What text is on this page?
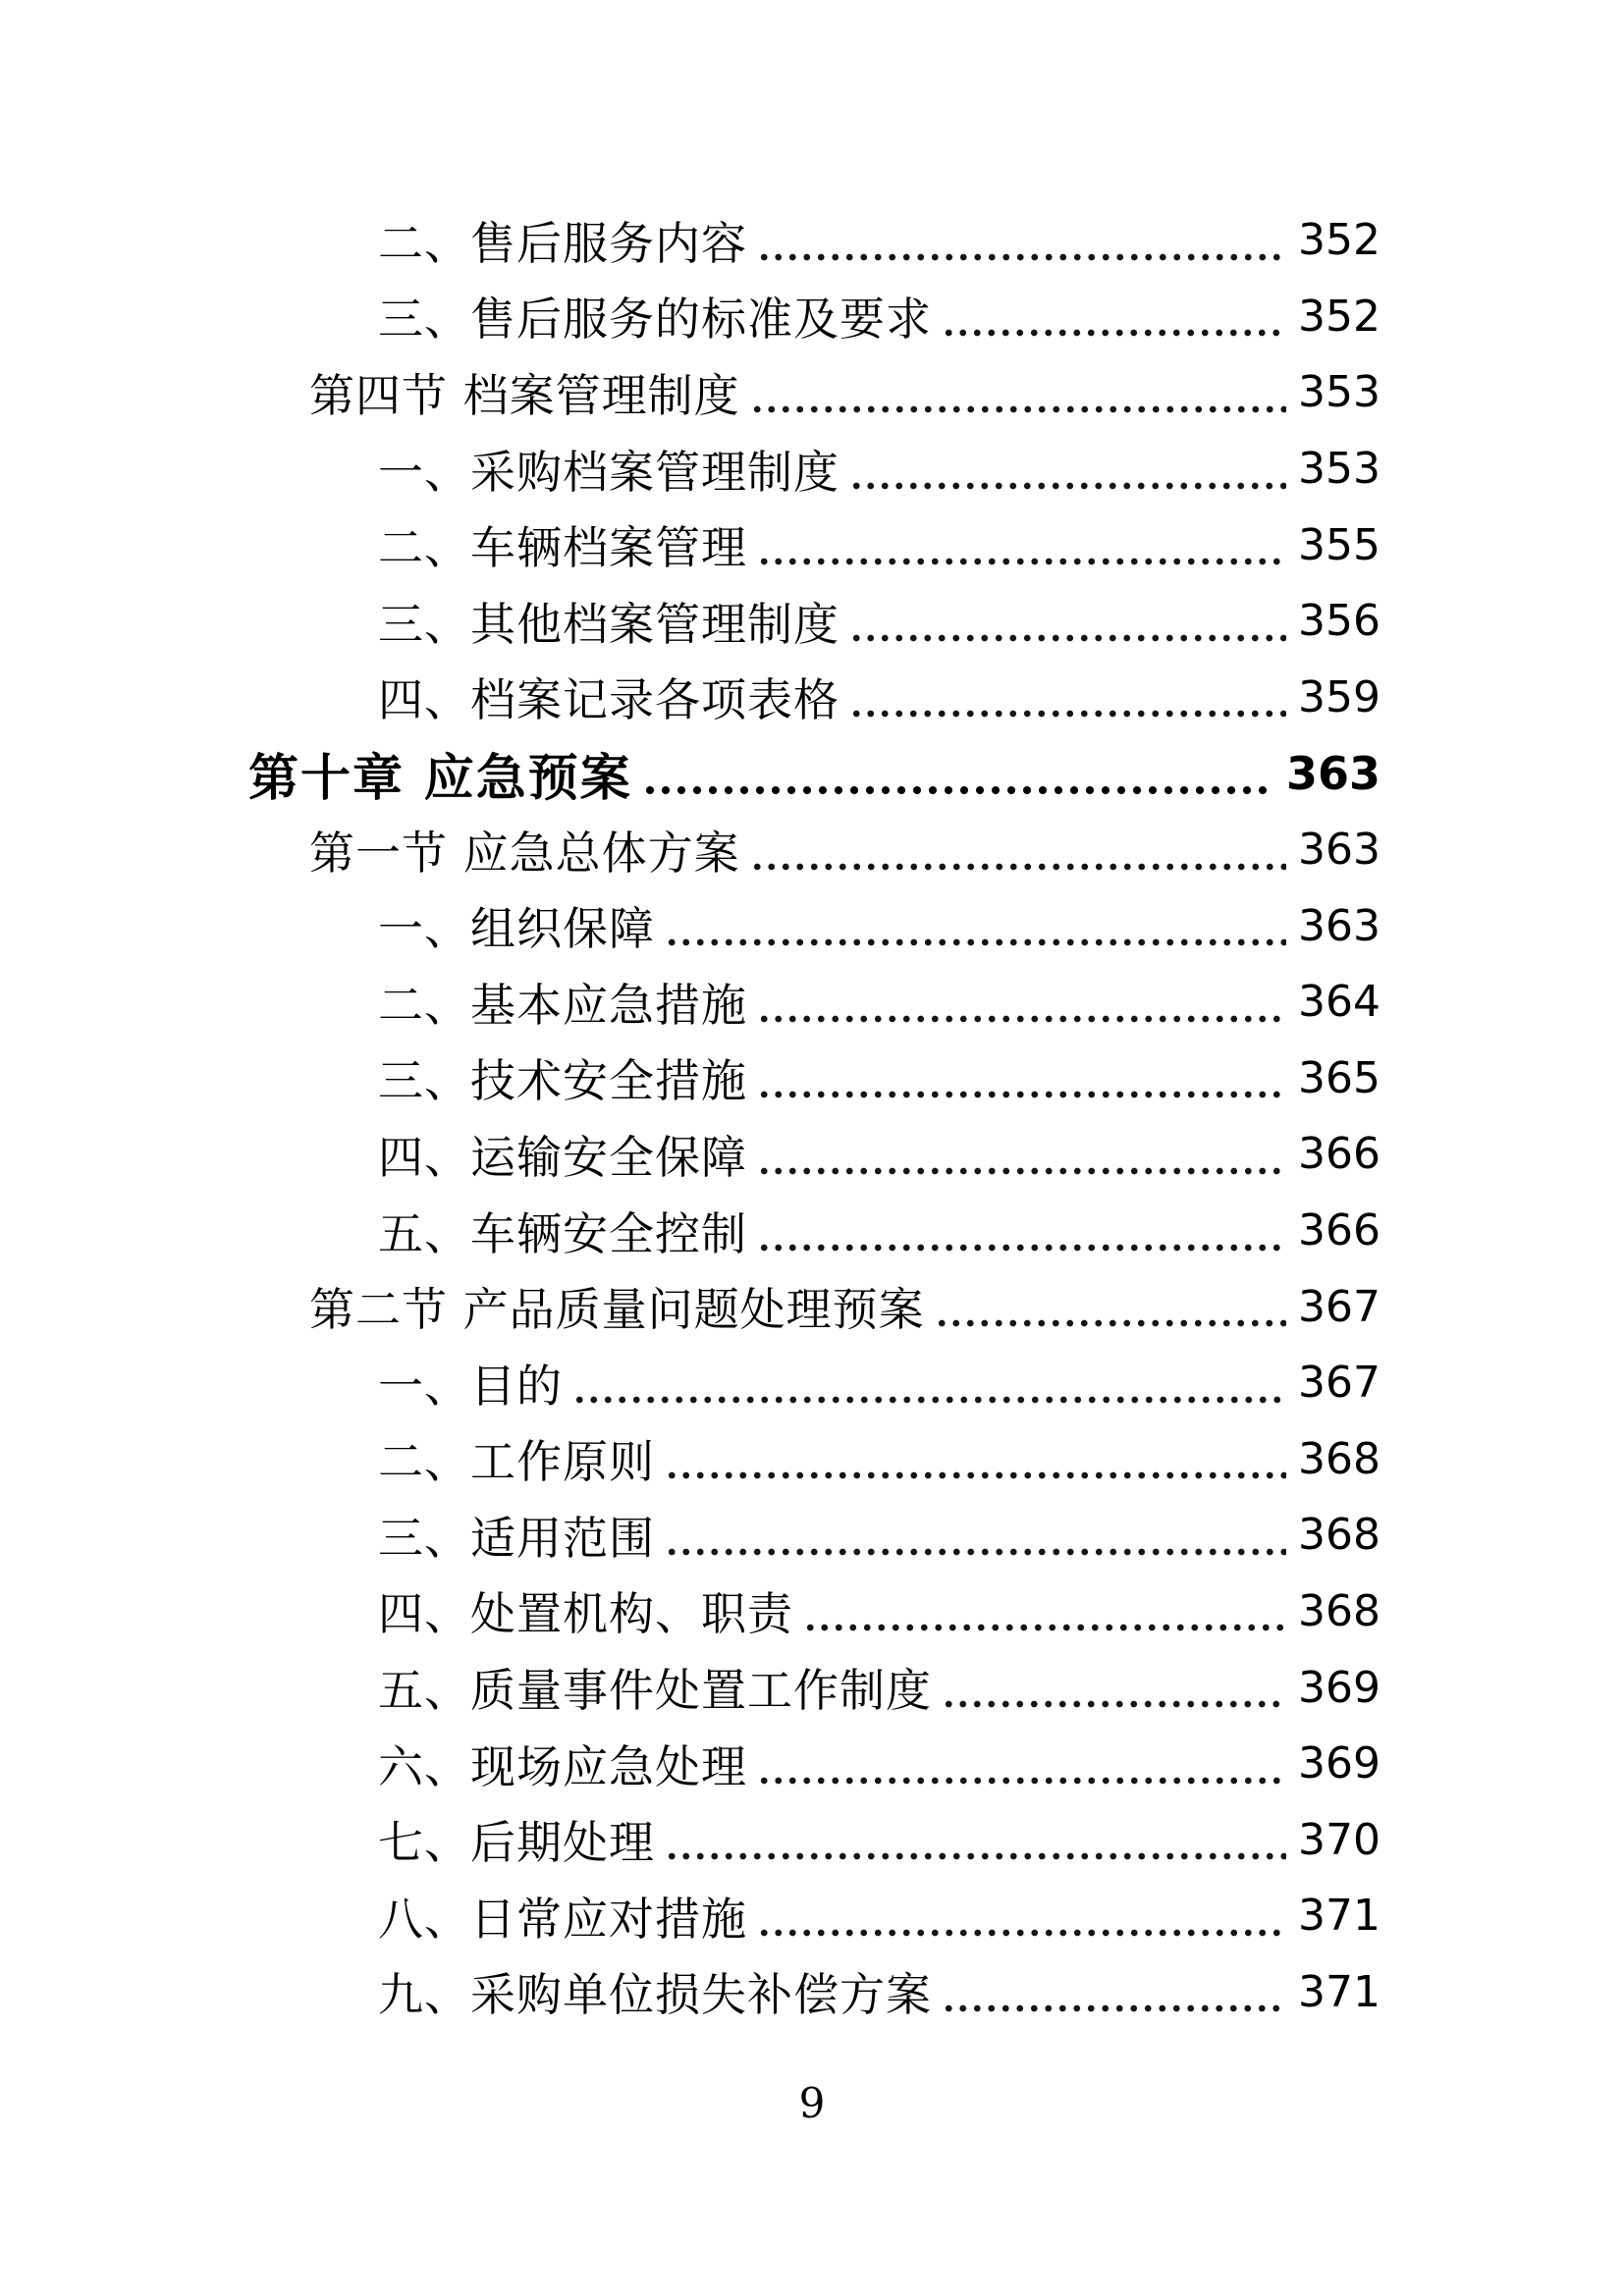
二、售后服务内容	352
三、售后服务的标准及要求	352
第四节 档案管理制度	353
一、采购档案管理制度	353
二、车辆档案管理	355
三、其他档案管理制度	356
四、档案记录各项表格	359
第十章 应急预案	363
第一节 应急总体方案	363
一、组织保障	363
二、基本应急措施	364
三、技术安全措施	365
四、运输安全保障	366
五、车辆安全控制	366
第二节 产品质量问题处理预案	367
一、目的	367
二、工作原则	368
三、适用范围	368
四、处置机构、职责	368
五、质量事件处置工作制度	369
六、现场应急处理	369
七、后期处理	370
八、日常应对措施	371
九、采购单位损失补偿方案	371
9
